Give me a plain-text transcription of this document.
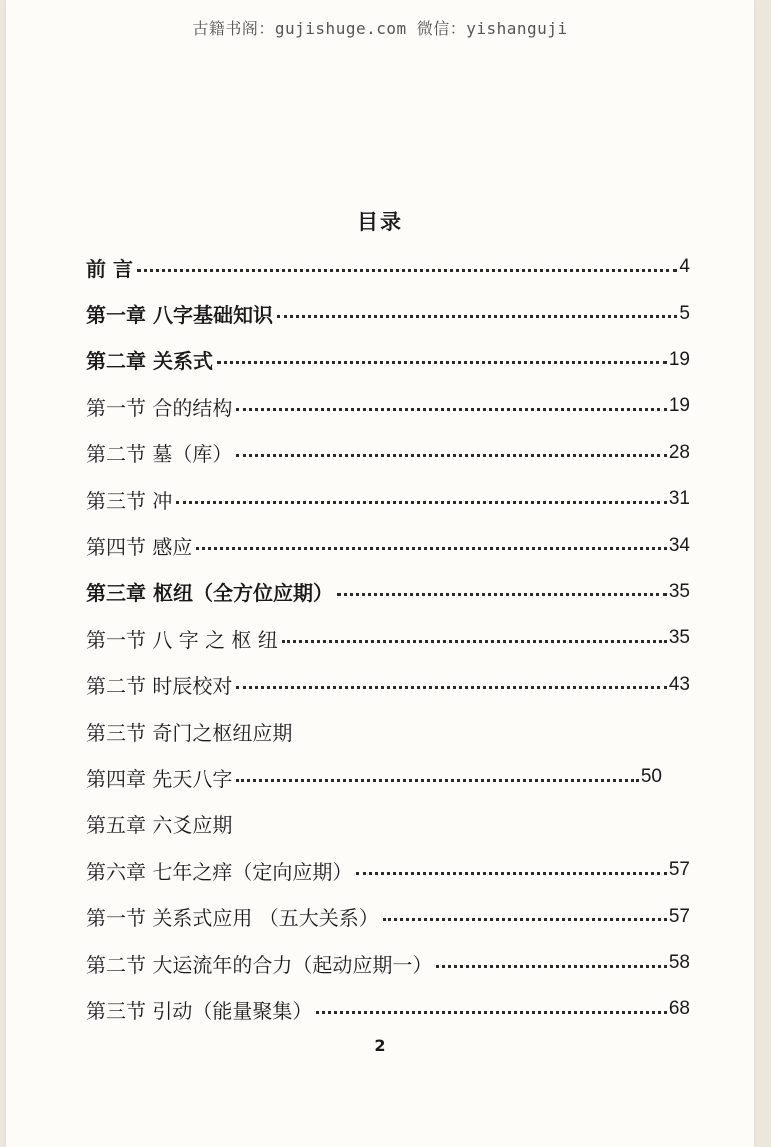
古籍书阁：gujishuge.com 微信：yishanguji
目录
前 言	4
第一章 八字基础知识	5
第二章 关系式	19
第一节 合的结构	19
第二节 墓（库）	28
第三节 冲	31
第四节 感应	34
第三章 枢纽（全方位应期）	35
第一节 八 字 之 枢 纽	35
第二节 时辰校对	43
第三节 奇门之枢纽应期
第四章 先天八字	50
第五章 六爻应期
第六章 七年之痒（定向应期）	57
第一节 关系式应用 （五大关系）	57
第二节 大运流年的合力（起动应期一）	58
第三节 引动（能量聚集）	68
2
